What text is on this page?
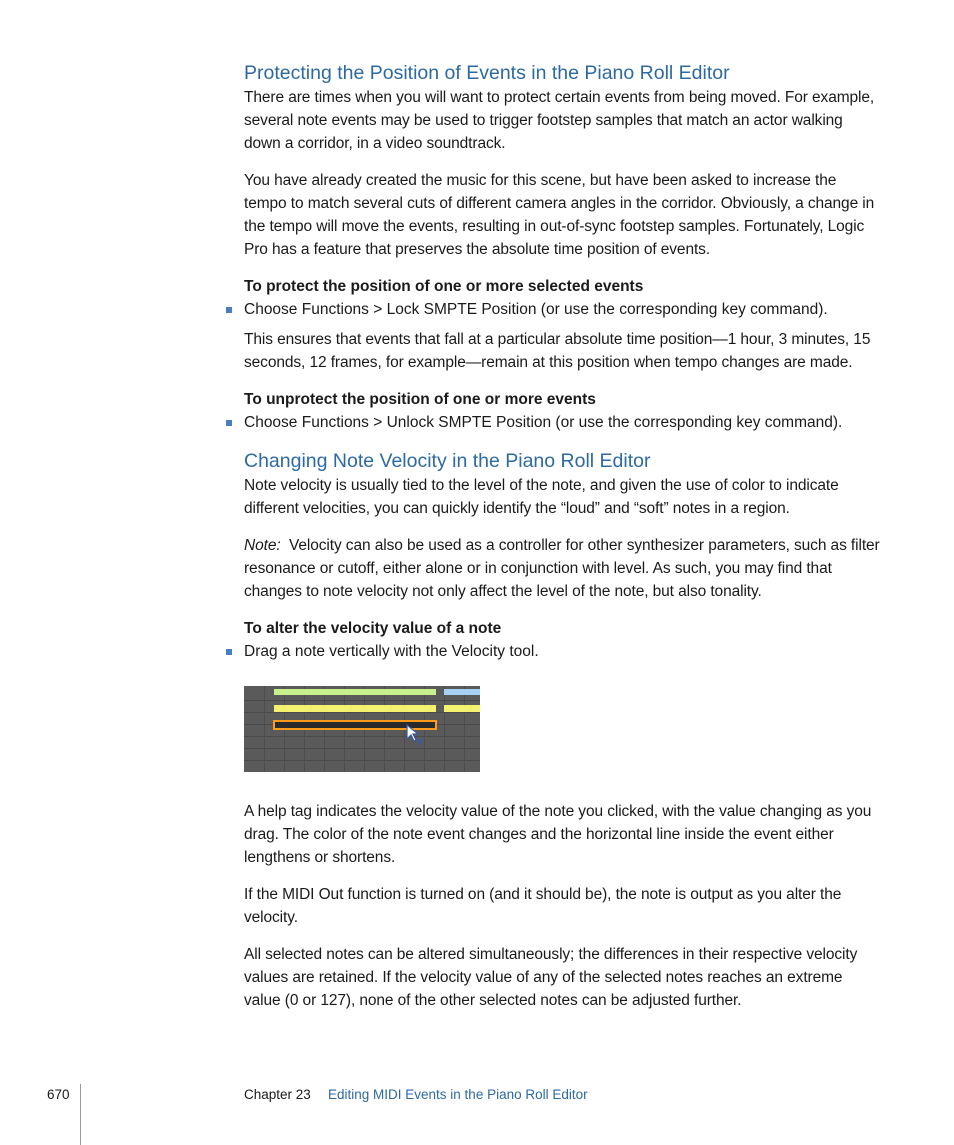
Protecting the Position of Events in the Piano Roll Editor

There are times when you will want to protect certain events from being moved. For example, several note events may be used to trigger footstep samples that match an actor walking down a corridor, in a video soundtrack.

You have already created the music for this scene, but have been asked to increase the tempo to match several cuts of different camera angles in the corridor. Obviously, a change in the tempo will move the events, resulting in out-of-sync footstep samples. Fortunately, Logic Pro has a feature that preserves the absolute time position of events.

To protect the position of one or more selected events
Choose Functions > Lock SMPTE Position (or use the corresponding key command).

This ensures that events that fall at a particular absolute time position—1 hour, 3 minutes, 15 seconds, 12 frames, for example—remain at this position when tempo changes are made.

To unprotect the position of one or more events
Choose Functions > Unlock SMPTE Position (or use the corresponding key command).
Changing Note Velocity in the Piano Roll Editor

Note velocity is usually tied to the level of the note, and given the use of color to indicate different velocities, you can quickly identify the “loud” and “soft” notes in a region.

Note: Velocity can also be used as a controller for other synthesizer parameters, such as filter resonance or cutoff, either alone or in conjunction with level. As such, you may find that changes to note velocity not only affect the level of the note, but also tonality.

To alter the velocity value of a note
Drag a note vertically with the Velocity tool.

A help tag indicates the velocity value of the note you clicked, with the value changing as you drag. The color of the note event changes and the horizontal line inside the event either lengthens or shortens.

If the MIDI Out function is turned on (and it should be), the note is output as you alter the velocity.

All selected notes can be altered simultaneously; the differences in their respective velocity values are retained. If the velocity value of any of the selected notes reaches an extreme value (0 or 127), none of the other selected notes can be adjusted further.

670	Chapter 23 Editing MIDI Events in the Piano Roll Editor
